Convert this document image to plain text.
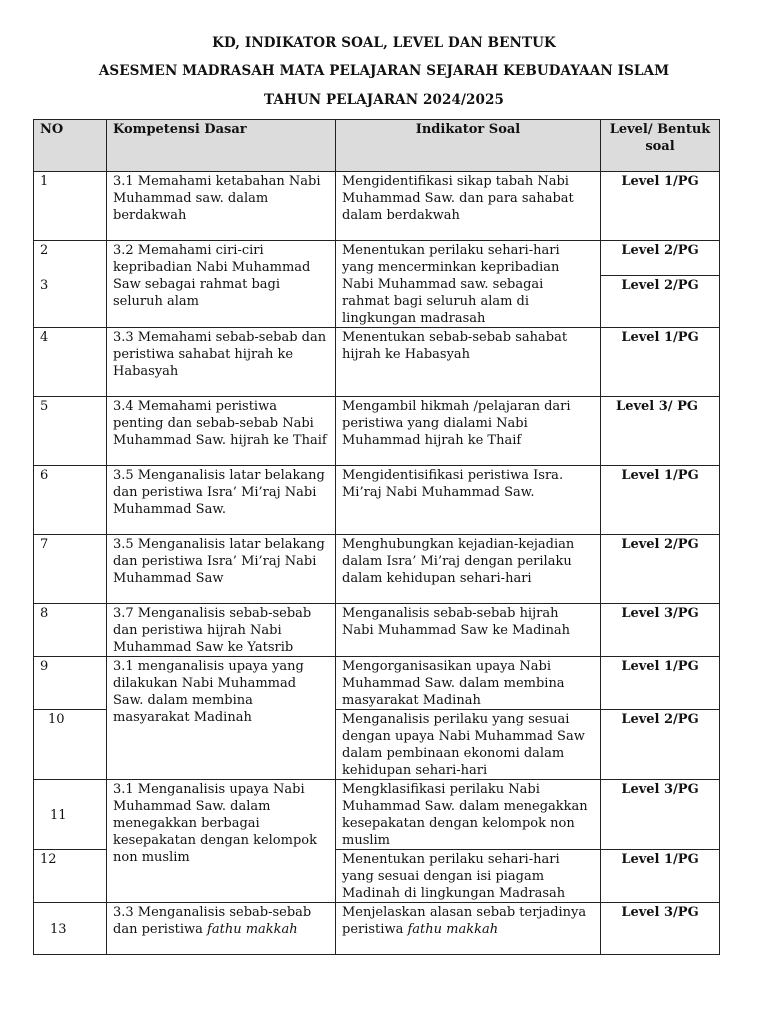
KD, INDIKATOR SOAL, LEVEL DAN BENTUK
ASESMEN MADRASAH MATA PELAJARAN SEJARAH KEBUDAYAAN ISLAM
TAHUN PELAJARAN 2024/2025
NO	Kompetensi Dasar	Indikator Soal	Level/ Bentuk soal
1	3.1 Memahami ketabahan Nabi Muhammad saw. dalam berdakwah	Mengidentifikasi sikap tabah Nabi Muhammad Saw. dan para sahabat dalam berdakwah	Level 1/PG
2	3.2 Memahami ciri-ciri kepribadian Nabi Muhammad Saw sebagai rahmat bagi seluruh alam	Menentukan perilaku sehari-hari yang mencerminkan kepribadian Nabi Muhammad saw. sebagai rahmat bagi seluruh alam di lingkungan madrasah	Level 2/PG
3			Level 2/PG
4	3.3 Memahami sebab-sebab dan peristiwa sahabat hijrah ke Habasyah	Menentukan sebab-sebab sahabat hijrah ke Habasyah	Level 1/PG
5	3.4 Memahami peristiwa penting dan sebab-sebab Nabi Muhammad Saw. hijrah ke Thaif	Mengambil hikmah /pelajaran dari peristiwa yang dialami Nabi Muhammad hijrah ke Thaif	Level 3/ PG
6	3.5 Menganalisis latar belakang dan peristiwa Isra’ Mi’raj Nabi Muhammad Saw.	Mengidentisifikasi peristiwa Isra. Mi’raj Nabi Muhammad Saw.	Level 1/PG
7	3.5 Menganalisis latar belakang dan peristiwa Isra’ Mi’raj Nabi Muhammad Saw	Menghubungkan kejadian-kejadian dalam Isra’ Mi’raj dengan perilaku dalam kehidupan sehari-hari	Level 2/PG
8	3.7 Menganalisis sebab-sebab dan peristiwa hijrah Nabi Muhammad Saw ke Yatsrib	Menganalisis sebab-sebab hijrah Nabi Muhammad Saw ke Madinah	Level 3/PG
9	3.1 menganalisis upaya yang dilakukan Nabi Muhammad Saw. dalam membina masyarakat Madinah	Mengorganisasikan upaya Nabi Muhammad Saw. dalam membina masyarakat Madinah	Level 1/PG
10		Menganalisis perilaku yang sesuai dengan upaya Nabi Muhammad Saw dalam pembinaan ekonomi dalam kehidupan sehari-hari	Level 2/PG
11	3.1 Menganalisis upaya Nabi Muhammad Saw. dalam menegakkan berbagai kesepakatan dengan kelompok non muslim	Mengklasifikasi perilaku Nabi Muhammad Saw. dalam menegakkan kesepakatan dengan kelompok non muslim	Level 3/PG
12		Menentukan perilaku sehari-hari yang sesuai dengan isi piagam Madinah di lingkungan Madrasah	Level 1/PG
13	3.3 Menganalisis sebab-sebab dan peristiwa fathu makkah	Menjelaskan alasan sebab terjadinya peristiwa fathu makkah	Level 3/PG
